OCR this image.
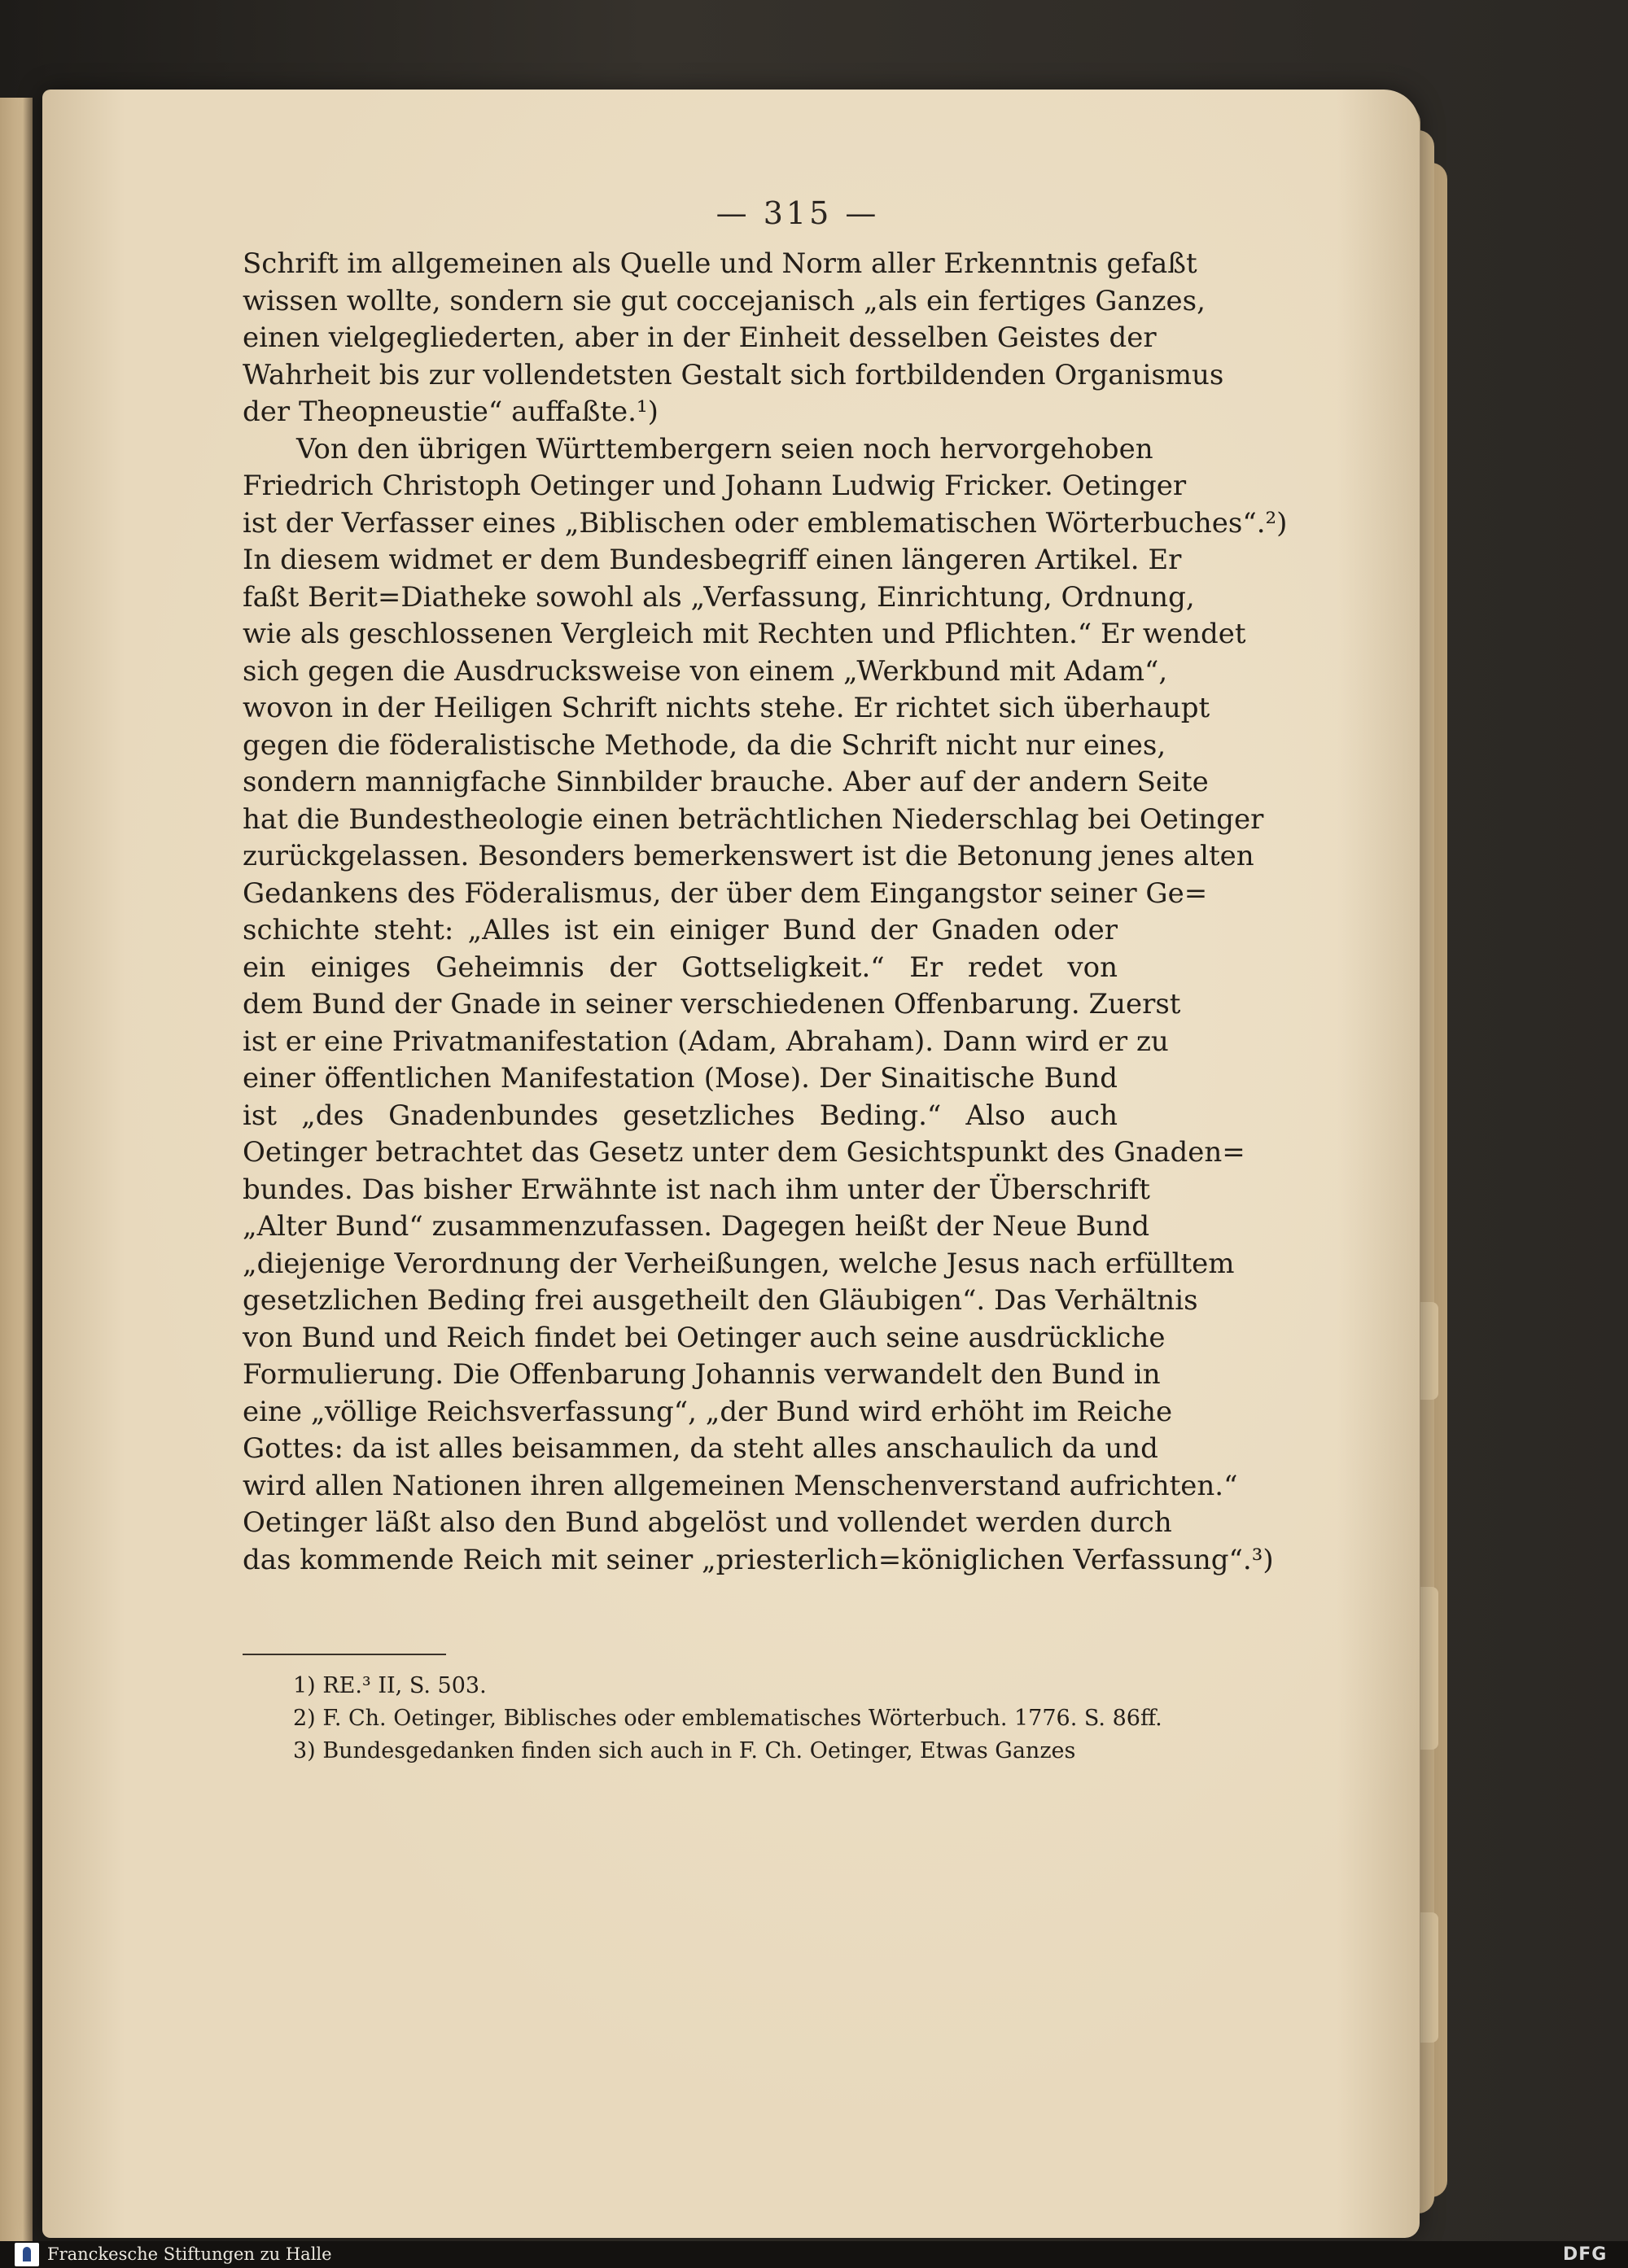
— 315 —
Schrift im allgemeinen als Quelle und Norm aller Erkenntnis gefaßt
wissen wollte, sondern sie gut coccejanisch „als ein fertiges Ganzes,
einen vielgegliederten, aber in der Einheit desselben Geistes der
Wahrheit bis zur vollendetsten Gestalt sich fortbildenden Organismus
der Theopneustie“ auffaßte.¹)
Von den übrigen Württembergern seien noch hervorgehoben
Friedrich Christoph Oetinger und Johann Ludwig Fricker. Oetinger
ist der Verfasser eines „Biblischen oder emblematischen Wörterbuches“.²)
In diesem widmet er dem Bundesbegriff einen längeren Artikel. Er
faßt Berit=Diatheke sowohl als „Verfassung, Einrichtung, Ordnung,
wie als geschlossenen Vergleich mit Rechten und Pflichten.“ Er wendet
sich gegen die Ausdrucksweise von einem „Werkbund mit Adam“,
wovon in der Heiligen Schrift nichts stehe. Er richtet sich überhaupt
gegen die föderalistische Methode, da die Schrift nicht nur eines,
sondern mannigfache Sinnbilder brauche. Aber auf der andern Seite
hat die Bundestheologie einen beträchtlichen Niederschlag bei Oetinger
zurückgelassen. Besonders bemerkenswert ist die Betonung jenes alten
Gedankens des Föderalismus, der über dem Eingangstor seiner Ge=
schichte steht: „Alles ist ein einiger Bund der Gnaden oder
ein einiges Geheimnis der Gottseligkeit.“ Er redet von
dem Bund der Gnade in seiner verschiedenen Offenbarung. Zuerst
ist er eine Privatmanifestation (Adam, Abraham). Dann wird er zu
einer öffentlichen Manifestation (Mose). Der Sinaitische Bund
ist „des Gnadenbundes gesetzliches Beding.“ Also auch
Oetinger betrachtet das Gesetz unter dem Gesichtspunkt des Gnaden=
bundes. Das bisher Erwähnte ist nach ihm unter der Überschrift
„Alter Bund“ zusammenzufassen. Dagegen heißt der Neue Bund
„diejenige Verordnung der Verheißungen, welche Jesus nach erfülltem
gesetzlichen Beding frei ausgetheilt den Gläubigen“. Das Verhältnis
von Bund und Reich findet bei Oetinger auch seine ausdrückliche
Formulierung. Die Offenbarung Johannis verwandelt den Bund in
eine „völlige Reichsverfassung“, „der Bund wird erhöht im Reiche
Gottes: da ist alles beisammen, da steht alles anschaulich da und
wird allen Nationen ihren allgemeinen Menschenverstand aufrichten.“
Oetinger läßt also den Bund abgelöst und vollendet werden durch
das kommende Reich mit seiner „priesterlich=königlichen Verfassung“.³)
1) RE.³ II, S. 503.
2) F. Ch. Oetinger, Biblisches oder emblematisches Wörterbuch. 1776. S. 86ff.
3) Bundesgedanken finden sich auch in F. Ch. Oetinger, Etwas Ganzes
Franckesche Stiftungen zu Halle	DFG
